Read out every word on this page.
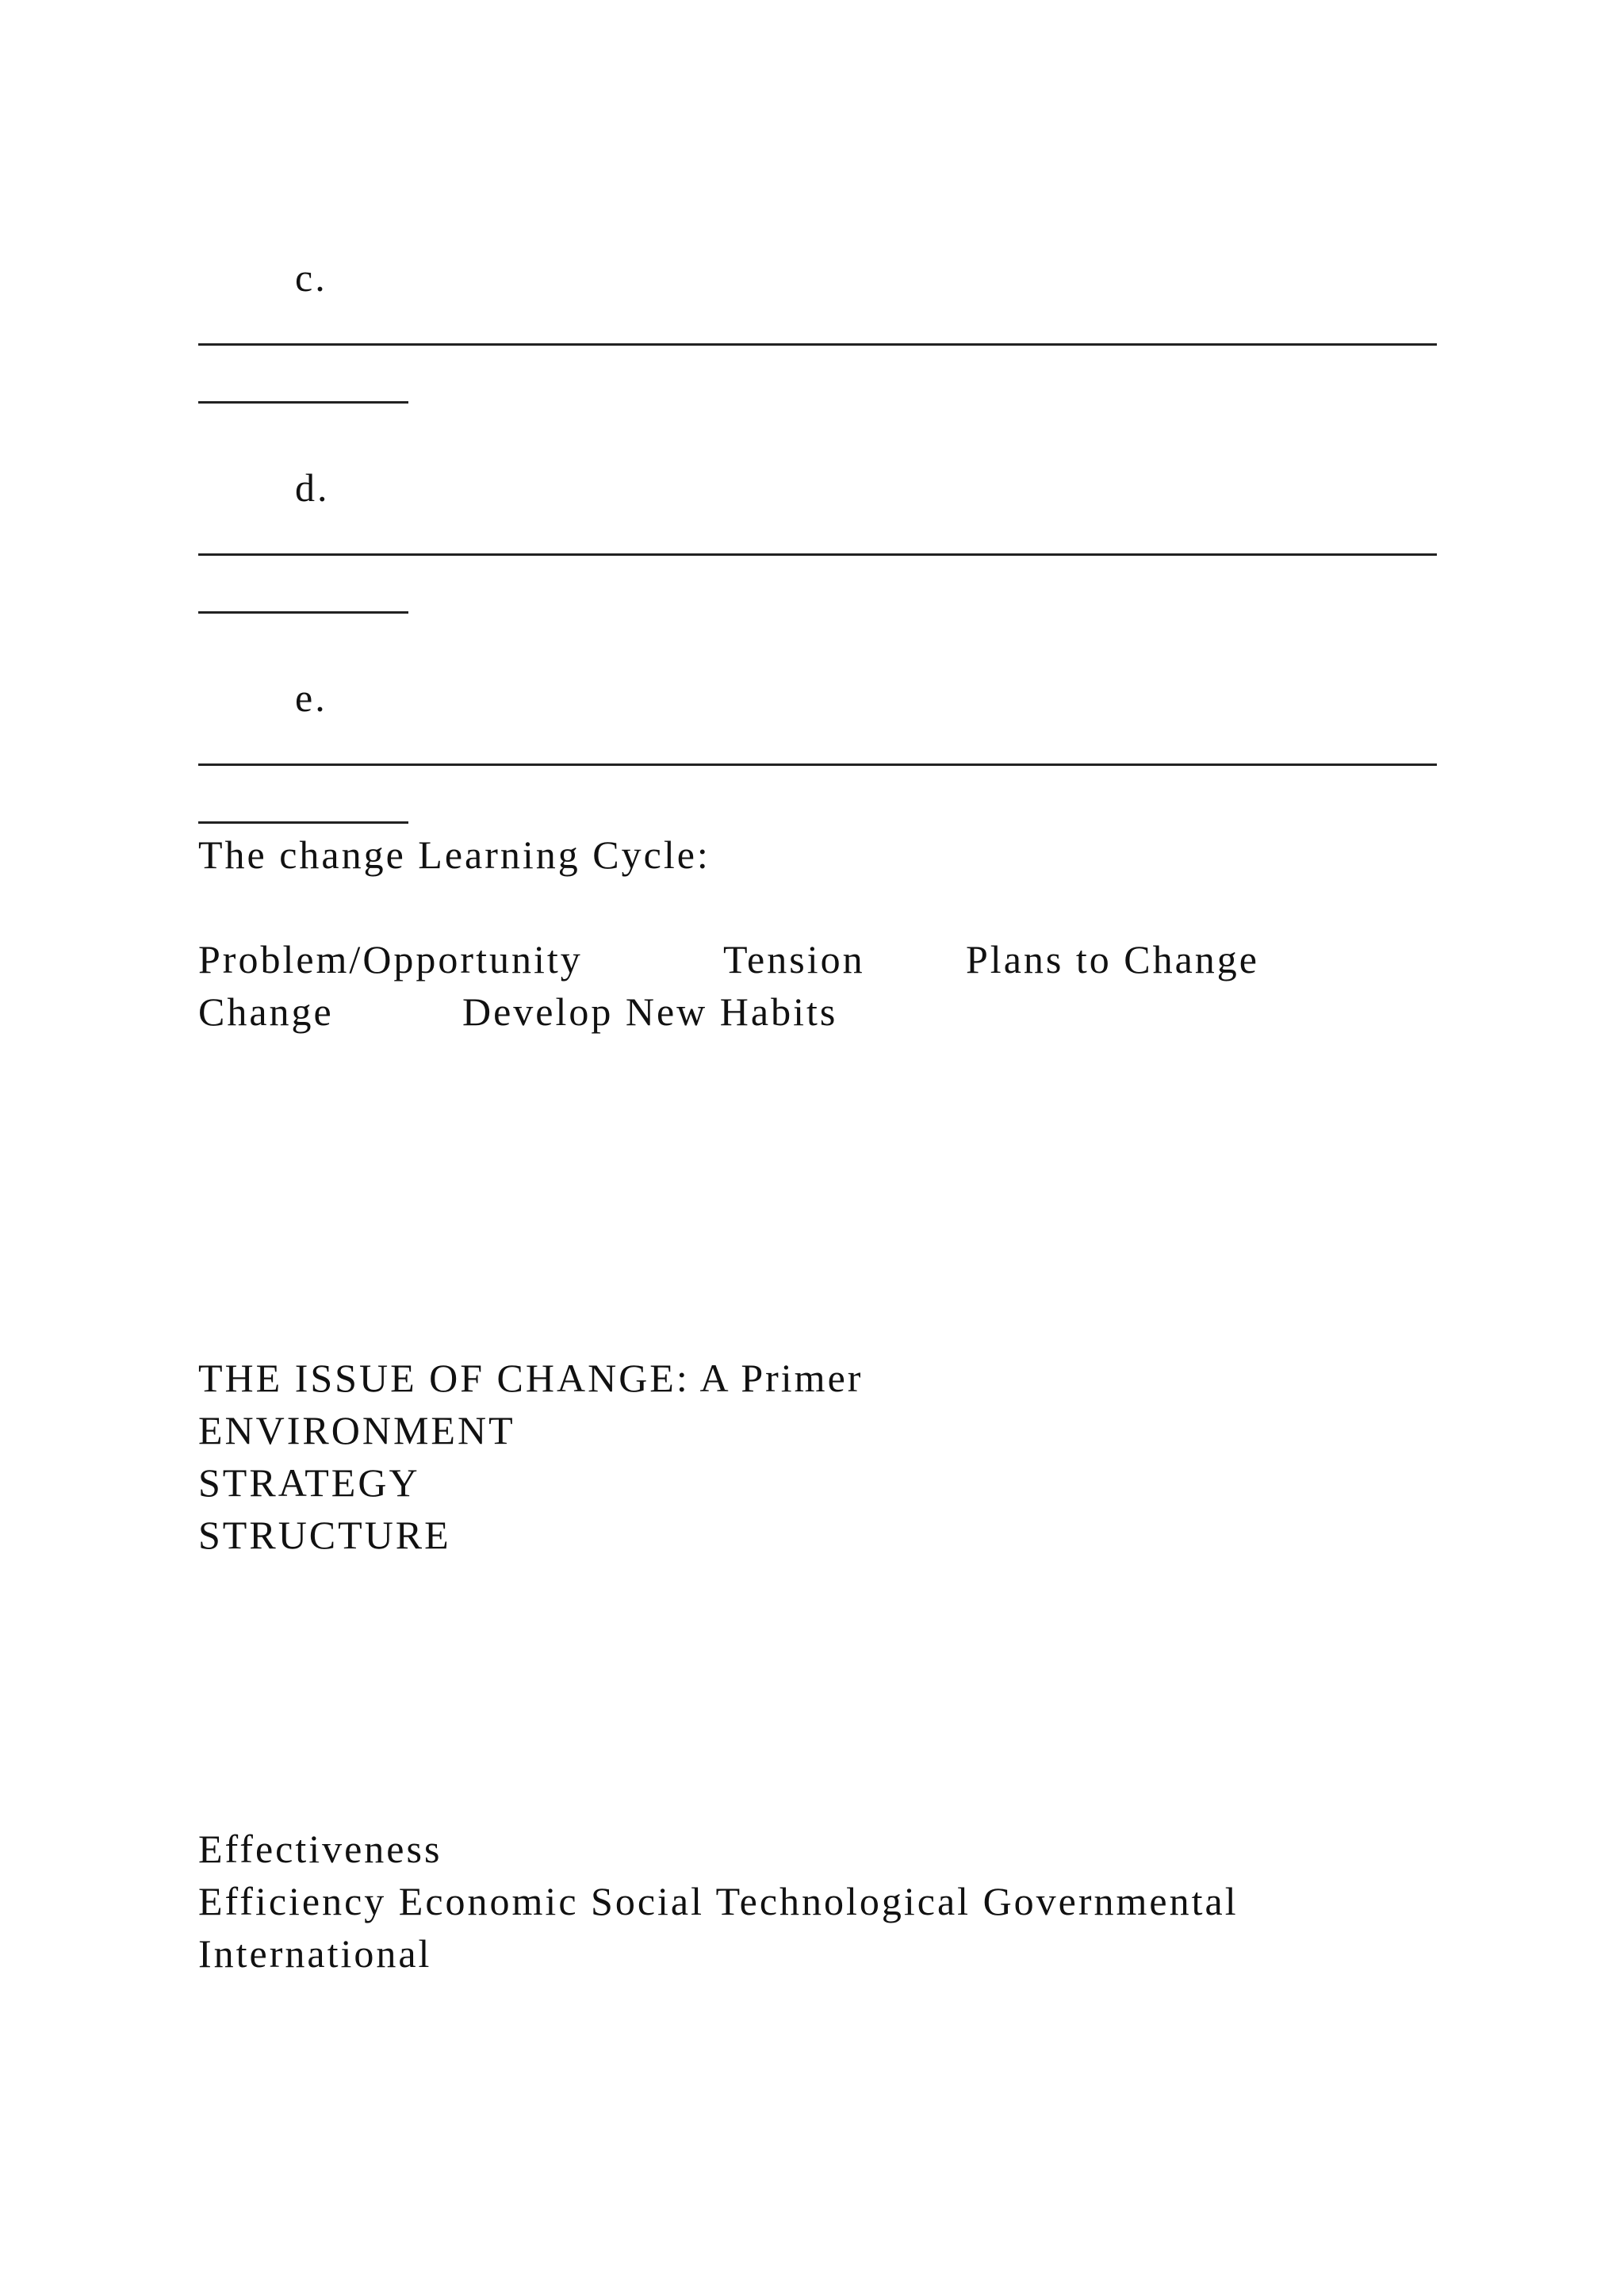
c.
d.
e.
The change Learning Cycle:
Problem/Opportunity	Tension	Plans to Change
Change	Develop New Habits
THE ISSUE OF CHANGE: A Primer
ENVIRONMENT
STRATEGY
STRUCTURE
Effectiveness
Efficiency Economic Social Technological Governmental
International
